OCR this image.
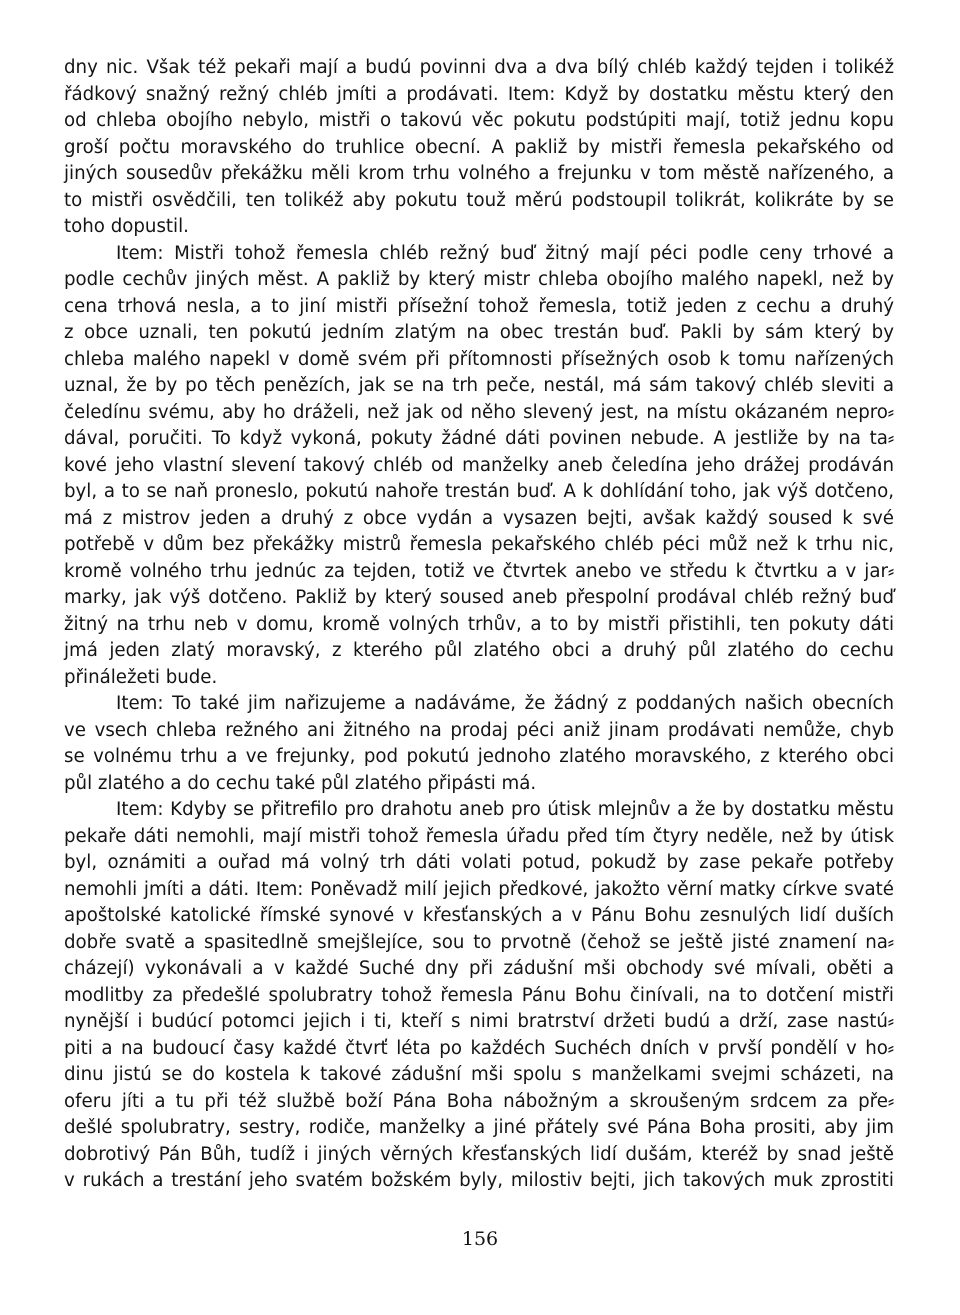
dny nic. Však též pekaři mají a budú povinni dva a dva bílý chléb každý tejden i tolikéž
řádkový snažný režný chléb jmíti a prodávati. Item: Když by dostatku městu který den
od chleba obojího nebylo, mistři o takovú věc pokutu podstúpiti mají, totiž jednu kopu
groší počtu moravského do truhlice obecní. A pakliž by mistři řemesla pekařského od
jiných sousedův překážku měli krom trhu volného a frejunku v tom městě nařízeného, a
to mistři osvědčili, ten tolikéž aby pokutu touž měrú podstoupil tolikrát, kolikráte by se
toho dopustil.
Item: Mistři tohož řemesla chléb režný buď žitný mají péci podle ceny trhové a
podle cechův jiných měst. A pakliž by který mistr chleba obojího malého napekl, než by
cena trhová nesla, a to jiní mistři přísežní tohož řemesla, totiž jeden z cechu a druhý
z obce uznali, ten pokutú jedním zlatým na obec trestán buď. Pakli by sám který by
chleba malého napekl v domě svém při přítomnosti přísežných osob k tomu nařízených
uznal, že by po těch penězích, jak se na trh peče, nestál, má sám takový chléb sleviti a
čeledínu svému, aby ho dráželi, než jak od něho slevený jest, na místu okázaném nepro⸗
dával, poručiti. To když vykoná, pokuty žádné dáti povinen nebude. A jestliže by na ta⸗
kové jeho vlastní slevení takový chléb od manželky aneb čeledína jeho drážej prodáván
byl, a to se naň proneslo, pokutú nahoře trestán buď. A k dohlídání toho, jak výš dotčeno,
má z mistrov jeden a druhý z obce vydán a vysazen bejti, avšak každý soused k své
potřebě v dům bez překážky mistrů řemesla pekařského chléb péci můž než k trhu nic,
kromě volného trhu jednúc za tejden, totiž ve čtvrtek anebo ve středu k čtvrtku a v jar⸗
marky, jak výš dotčeno. Pakliž by který soused aneb přespolní prodával chléb režný buď
žitný na trhu neb v domu, kromě volných trhův, a to by mistři přistihli, ten pokuty dáti
jmá jeden zlatý moravský, z kterého půl zlatého obci a druhý půl zlatého do cechu
přináležeti bude.
Item: To také jim nařizujeme a nadáváme, že žádný z poddaných našich obecních
ve vsech chleba režného ani žitného na prodaj péci aniž jinam prodávati nemůže, chyb
se volnému trhu a ve frejunky, pod pokutú jednoho zlatého moravského, z kterého obci
půl zlatého a do cechu také půl zlatého připásti má.
Item: Kdyby se přitrefilo pro drahotu aneb pro útisk mlejnův a že by dostatku městu
pekaře dáti nemohli, mají mistři tohož řemesla úřadu před tím čtyry neděle, než by útisk
byl, oznámiti a ouřad má volný trh dáti volati potud, pokudž by zase pekaře potřeby
nemohli jmíti a dáti. Item: Poněvadž milí jejich předkové, jakožto věrní matky církve svaté
apoštolské katolické římské synové v křesťanských a v Pánu Bohu zesnulých lidí duších
dobře svatě a spasitedlně smejšlejíce, sou to prvotně (čehož se ještě jisté znamení na⸗
cházejí) vykonávali a v každé Suché dny při zádušní mši obchody své mívali, oběti a
modlitby za předešlé spolubratry tohož řemesla Pánu Bohu činívali, na to dotčení mistři
nynější i budúcí potomci jejich i ti, kteří s nimi bratrství držeti budú a drží, zase nastú⸗
piti a na budoucí časy každé čtvrť léta po každéch Suchéch dních v prvší pondělí v ho⸗
dinu jistú se do kostela k takové zádušní mši spolu s manželkami svejmi scházeti, na
oferu jíti a tu při též službě boží Pána Boha nábožným a skroušeným srdcem za pře⸗
dešlé spolubratry, sestry, rodiče, manželky a jiné přátely své Pána Boha prositi, aby jim
dobrotivý Pán Bůh, tudíž i jiných věrných křesťanských lidí dušám, kteréž by snad ještě
v rukách a trestání jeho svatém božském byly, milostiv bejti, jich takových muk zprostiti
156
